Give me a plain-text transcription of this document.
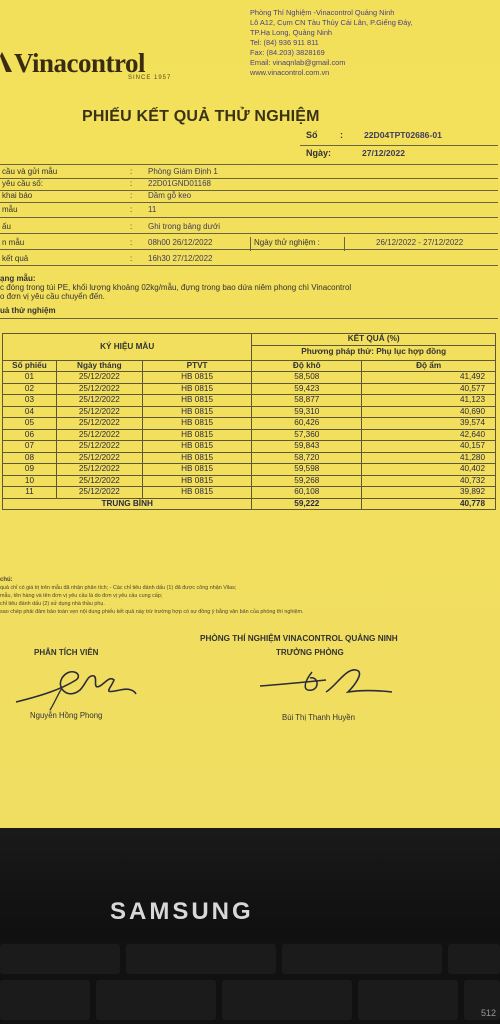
Vinacontrol
SINCE 1957
Phòng Thí Nghiệm -Vinacontrol Quảng Ninh
Lô A12, Cụm CN Tàu Thủy Cái Lân, P.Giếng Đáy,
TP.Hạ Long, Quảng Ninh
Tel: (84) 936 911 811
Fax: (84.203) 3828169
Email: vinaqnlab@gmail.com
www.vinacontrol.com.vn
PHIẾU KẾT QUẢ THỬ NGHIỆM
Số : 22D04TPT02686-01
Ngày:	27/12/2022
cầu và gửi mẫu	: Phòng Giám Định 1
yêu cầu số:	: 22D01GND01168
khai báo	: Dầm gỗ keo
mẫu	: 11
ấu	: Ghi trong bảng dưới
n mẫu	: 08h00 26/12/2022	Ngày thử nghiệm :	26/12/2022 - 27/12/2022
kết quả	: 16h30 27/12/2022
ạng mẫu:
c đóng trong túi PE, khối lượng khoảng 02kg/mẫu, đựng trong bao dứa niêm phong chì Vinacontrol
o đơn vị yêu cầu chuyển đến.
uả thử nghiệm
KÝ HIỆU MẪU			KẾT QUẢ (%)	
			Phương pháp thử: Phụ lục hợp đồng	
Số phiếu	Ngày tháng	PTVT	Độ khô	Độ ẩm
01	25/12/2022	HB 0815	58,508	41,492
02	25/12/2022	HB 0815	59,423	40,577
03	25/12/2022	HB 0815	58,877	41,123
04	25/12/2022	HB 0815	59,310	40,690
05	25/12/2022	HB 0815	60,426	39,574
06	25/12/2022	HB 0815	57,360	42,640
07	25/12/2022	HB 0815	59,843	40,157
08	25/12/2022	HB 0815	58,720	41,280
09	25/12/2022	HB 0815	59,598	40,402
10	25/12/2022	HB 0815	59,268	40,732
11	25/12/2022	HB 0815	60,108	39,892
TRUNG BÌNH			59,222	40,778
chú:
quả chỉ có giá trị trên mẫu đã nhận phân tích; - Các chỉ tiêu đánh dấu (1) đã được công nhận Vilas;
mẫu, tên hàng và tên đơn vị yêu cầu là do đơn vị yêu cầu cung cấp;
chỉ tiêu đánh dấu (2) sử dụng nhà thầu phụ.
sao chép phải đảm bảo toàn vẹn nội dung phiếu kết quả này trừ trường hợp có sự đồng ý bằng văn bản của phòng thí nghiệm.
PHÒNG THÍ NGHIỆM VINACONTROL QUẢNG NINH
PHÂN TÍCH VIÊN	TRƯỞNG PHÒNG
Nguyễn Hồng Phong	Bùi Thị Thanh Huyền
SAMSUNG
512
